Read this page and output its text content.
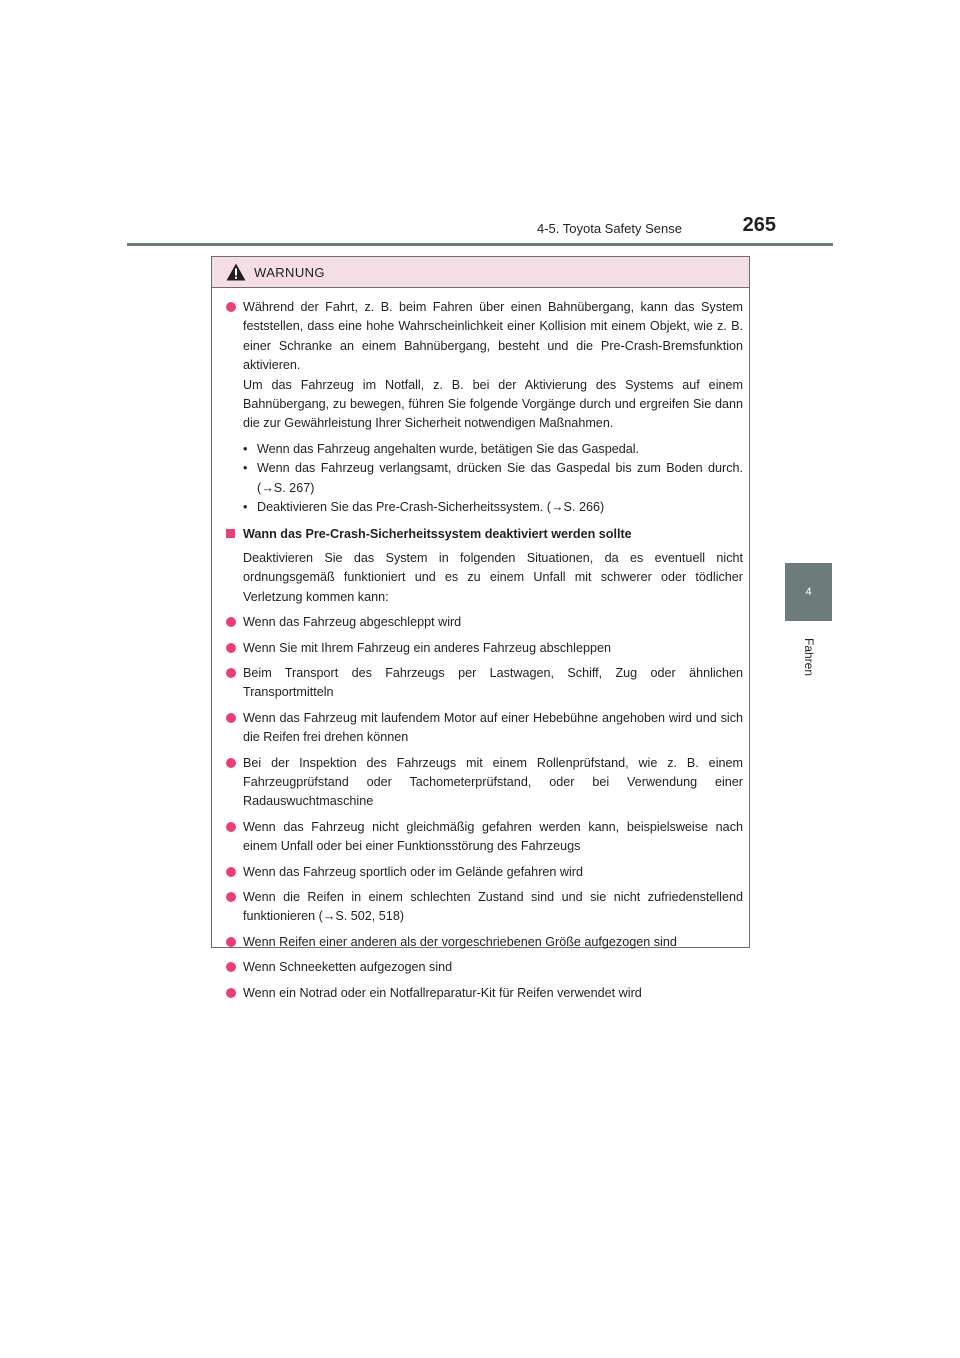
4-5. Toyota Safety Sense	265
4
Fahren
WARNUNG
Während der Fahrt, z. B. beim Fahren über einen Bahnübergang, kann das System feststellen, dass eine hohe Wahrscheinlichkeit einer Kollision mit einem Objekt, wie z. B. einer Schranke an einem Bahnübergang, besteht und die Pre-Crash-Bremsfunktion aktivieren.
Um das Fahrzeug im Notfall, z. B. bei der Aktivierung des Systems auf einem Bahnübergang, zu bewegen, führen Sie folgende Vorgänge durch und ergreifen Sie dann die zur Gewährleistung Ihrer Sicherheit notwendigen Maßnahmen.
• Wenn das Fahrzeug angehalten wurde, betätigen Sie das Gaspedal.
• Wenn das Fahrzeug verlangsamt, drücken Sie das Gaspedal bis zum Boden durch. (→S. 267)
• Deaktivieren Sie das Pre-Crash-Sicherheitssystem. (→S. 266)
Wann das Pre-Crash-Sicherheitssystem deaktiviert werden sollte
Deaktivieren Sie das System in folgenden Situationen, da es eventuell nicht ordnungsgemäß funktioniert und es zu einem Unfall mit schwerer oder tödlicher Verletzung kommen kann:
Wenn das Fahrzeug abgeschleppt wird
Wenn Sie mit Ihrem Fahrzeug ein anderes Fahrzeug abschleppen
Beim Transport des Fahrzeugs per Lastwagen, Schiff, Zug oder ähnlichen Transportmitteln
Wenn das Fahrzeug mit laufendem Motor auf einer Hebebühne angehoben wird und sich die Reifen frei drehen können
Bei der Inspektion des Fahrzeugs mit einem Rollenprüfstand, wie z. B. einem Fahrzeugprüfstand oder Tachometerprüfstand, oder bei Verwendung einer Radauswuchtmaschine
Wenn das Fahrzeug nicht gleichmäßig gefahren werden kann, beispielsweise nach einem Unfall oder bei einer Funktionsstörung des Fahrzeugs
Wenn das Fahrzeug sportlich oder im Gelände gefahren wird
Wenn die Reifen in einem schlechten Zustand sind und sie nicht zufriedenstellend funktionieren (→S. 502, 518)
Wenn Reifen einer anderen als der vorgeschriebenen Größe aufgezogen sind
Wenn Schneeketten aufgezogen sind
Wenn ein Notrad oder ein Notfallreparatur-Kit für Reifen verwendet wird
